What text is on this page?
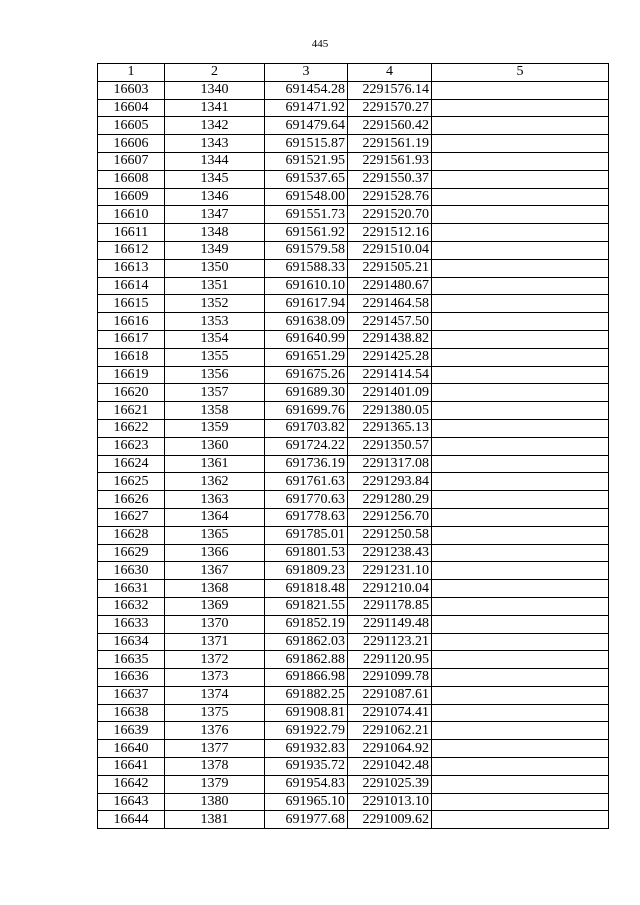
445
1	2	3	4	5
16603	1340	691454.28	2291576.14	
16604	1341	691471.92	2291570.27	
16605	1342	691479.64	2291560.42	
16606	1343	691515.87	2291561.19	
16607	1344	691521.95	2291561.93	
16608	1345	691537.65	2291550.37	
16609	1346	691548.00	2291528.76	
16610	1347	691551.73	2291520.70	
16611	1348	691561.92	2291512.16	
16612	1349	691579.58	2291510.04	
16613	1350	691588.33	2291505.21	
16614	1351	691610.10	2291480.67	
16615	1352	691617.94	2291464.58	
16616	1353	691638.09	2291457.50	
16617	1354	691640.99	2291438.82	
16618	1355	691651.29	2291425.28	
16619	1356	691675.26	2291414.54	
16620	1357	691689.30	2291401.09	
16621	1358	691699.76	2291380.05	
16622	1359	691703.82	2291365.13	
16623	1360	691724.22	2291350.57	
16624	1361	691736.19	2291317.08	
16625	1362	691761.63	2291293.84	
16626	1363	691770.63	2291280.29	
16627	1364	691778.63	2291256.70	
16628	1365	691785.01	2291250.58	
16629	1366	691801.53	2291238.43	
16630	1367	691809.23	2291231.10	
16631	1368	691818.48	2291210.04	
16632	1369	691821.55	2291178.85	
16633	1370	691852.19	2291149.48	
16634	1371	691862.03	2291123.21	
16635	1372	691862.88	2291120.95	
16636	1373	691866.98	2291099.78	
16637	1374	691882.25	2291087.61	
16638	1375	691908.81	2291074.41	
16639	1376	691922.79	2291062.21	
16640	1377	691932.83	2291064.92	
16641	1378	691935.72	2291042.48	
16642	1379	691954.83	2291025.39	
16643	1380	691965.10	2291013.10	
16644	1381	691977.68	2291009.62	
